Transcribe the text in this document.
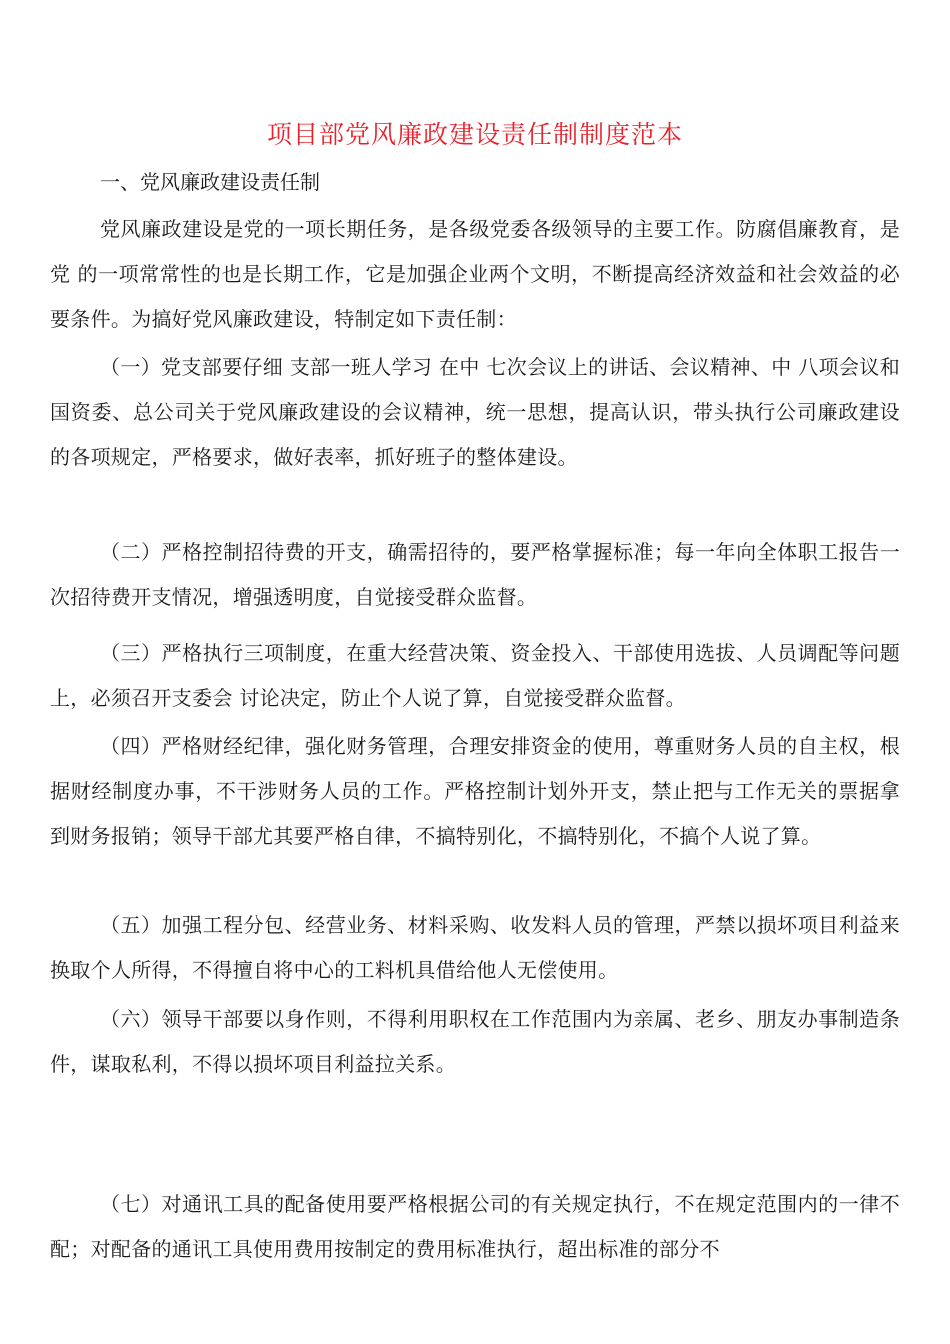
项目部党风廉政建设责任制制度范本
一、党风廉政建设责任制

党风廉政建设是党的一项长期任务，是各级党委各级领导的主要工作。防腐倡廉教育，是党 的一项常常性的也是长期工作，它是加强企业两个文明，不断提高经济效益和社会效益的必要条件。为搞好党风廉政建设，特制定如下责任制：

（一）党支部要仔细 支部一班人学习 在中 七次会议上的讲话、会议精神、中 八项会议和国资委、总公司关于党风廉政建设的会议精神，统一思想，提高认识，带头执行公司廉政建设的各项规定，严格要求，做好表率，抓好班子的整体建设。

（二）严格控制招待费的开支，确需招待的，要严格掌握标准；每一年向全体职工报告一次招待费开支情况，增强透明度，自觉接受群众监督。

（三）严格执行三项制度，在重大经营决策、资金投入、干部使用选拔、人员调配等问题上，必须召开支委会 讨论决定，防止个人说了算，自觉接受群众监督。

（四）严格财经纪律，强化财务管理，合理安排资金的使用，尊重财务人员的自主权，根据财经制度办事，不干涉财务人员的工作。严格控制计划外开支，禁止把与工作无关的票据拿到财务报销；领导干部尤其要严格自律，不搞特别化，不搞特别化，不搞个人说了算。

（五）加强工程分包、经营业务、材料采购、收发料人员的管理，严禁以损坏项目利益来换取个人所得，不得擅自将中心的工料机具借给他人无偿使用。

（六）领导干部要以身作则，不得利用职权在工作范围内为亲属、老乡、朋友办事制造条件，谋取私利，不得以损坏项目利益拉关系。

（七）对通讯工具的配备使用要严格根据公司的有关规定执行，不在规定范围内的一律不配；对配备的通讯工具使用费用按制定的费用标准执行，超出标准的部分不
